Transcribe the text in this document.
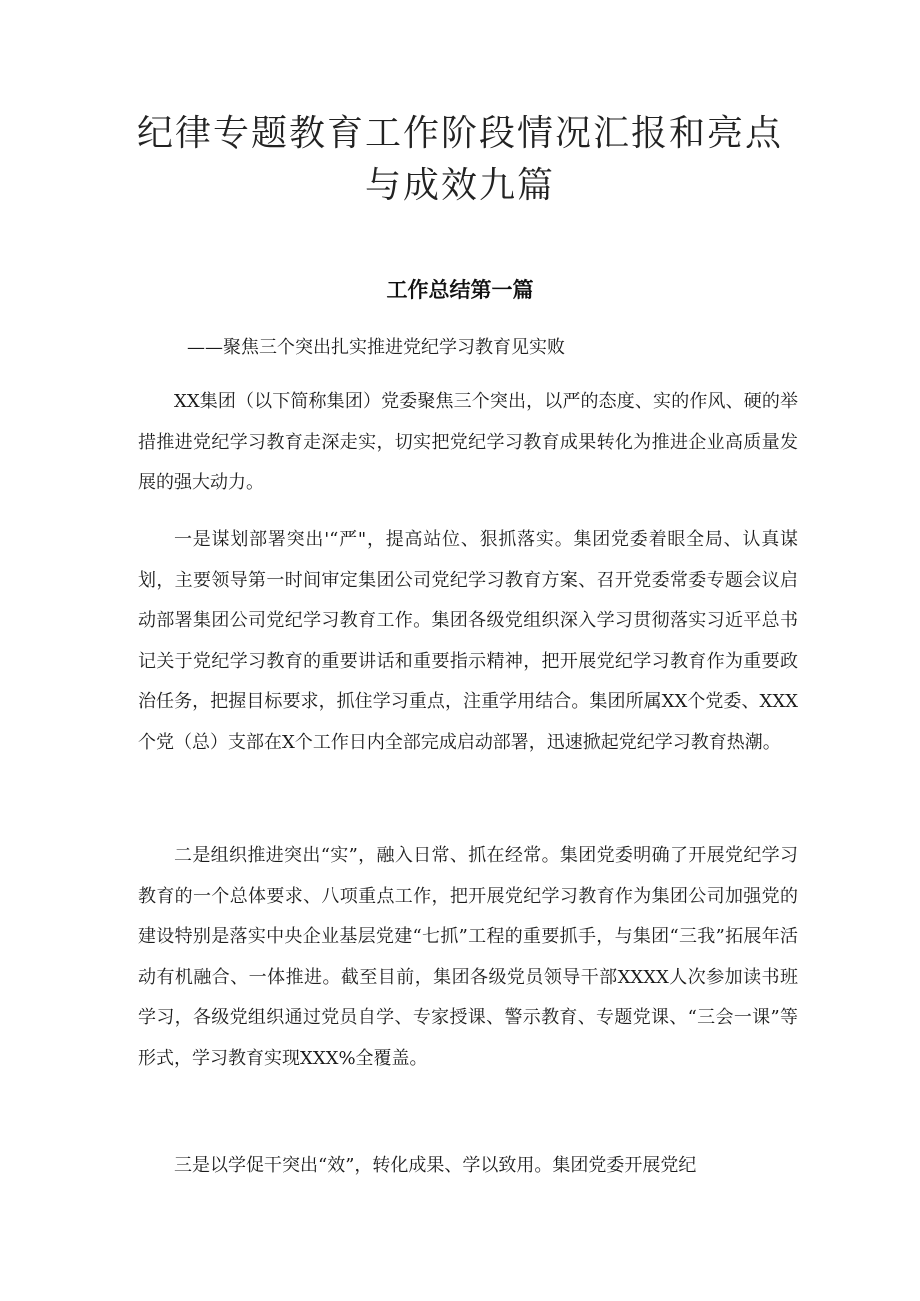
纪律专题教育工作阶段情况汇报和亮点与成效九篇
工作总结第一篇

——聚焦三个突出扎实推进党纪学习教育见实败

XX集团（以下简称集团）党委聚焦三个突出，以严的态度、实的作风、硬的举措推进党纪学习教育走深走实，切实把党纪学习教育成果转化为推进企业高质量发展的强大动力。

一是谋划部署突出'“严"，提高站位、狠抓落实。集团党委着眼全局、认真谋划，主要领导第一时间审定集团公司党纪学习教育方案、召开党委常委专题会议启动部署集团公司党纪学习教育工作。集团各级党组织深入学习贯彻落实习近平总书记关于党纪学习教育的重要讲话和重要指示精神，把开展党纪学习教育作为重要政治任务，把握目标要求，抓住学习重点，注重学用结合。集团所属XX个党委、XXX个党（总）支部在X个工作日内全部完成启动部署，迅速掀起党纪学习教育热潮。

二是组织推进突出“实”，融入日常、抓在经常。集团党委明确了开展党纪学习教育的一个总体要求、八项重点工作，把开展党纪学习教育作为集团公司加强党的建设特别是落实中央企业基层党建“七抓”工程的重要抓手，与集团“三我”拓展年活动有机融合、一体推进。截至目前，集团各级党员领导干部XXXX人次参加读书班学习，各级党组织通过党员自学、专家授课、警示教育、专题党课、“三会一课”等形式，学习教育实现XXX%全覆盖。

三是以学促干突出“效”，转化成果、学以致用。集团党委开展党纪
